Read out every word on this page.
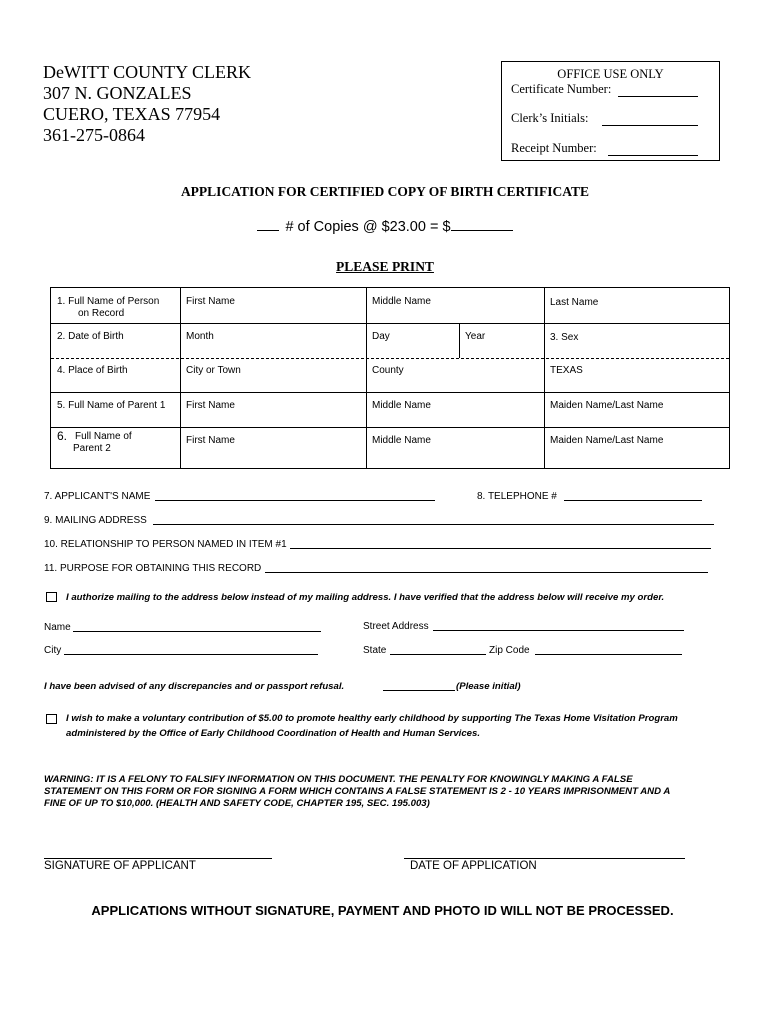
DeWITT COUNTY CLERK
307 N. GONZALES
CUERO, TEXAS 77954
361-275-0864
OFFICE USE ONLY
Certificate Number:
Clerk’s Initials:
Receipt Number:
APPLICATION FOR CERTIFIED COPY OF BIRTH CERTIFICATE
# of Copies @ $23.00 = $
PLEASE PRINT
1. Full Name of Person
on Record
First Name	Middle Name	Last Name
2. Date of Birth	Month	Day	Year	3. Sex
4. Place of Birth	City or Town	County	TEXAS
5. Full Name of Parent 1 First Name	Middle Name	Maiden Name/Last Name
6. Full Name of
Parent 2
First Name	Middle Name	Maiden Name/Last Name
7. APPLICANT'S NAME	8. TELEPHONE #
9. MAILING ADDRESS
10. RELATIONSHIP TO PERSON NAMED IN ITEM #1
11. PURPOSE FOR OBTAINING THIS RECORD
I authorize mailing to the address below instead of my mailing address. I have verified that the address below will receive my order.
Name	Street Address
City	State	Zip Code
I have been advised of any discrepancies and or passport refusal.	(Please initial)
I wish to make a voluntary contribution of $5.00 to promote healthy early childhood by supporting The Texas Home Visitation Program
administered by the Office of Early Childhood Coordination of Health and Human Services.
WARNING: IT IS A FELONY TO FALSIFY INFORMATION ON THIS DOCUMENT. THE PENALTY FOR KNOWINGLY MAKING A FALSE
STATEMENT ON THIS FORM OR FOR SIGNING A FORM WHICH CONTAINS A FALSE STATEMENT IS 2 - 10 YEARS IMPRISONMENT AND A
FINE OF UP TO $10,000. (HEALTH AND SAFETY CODE, CHAPTER 195, SEC. 195.003)
SIGNATURE OF APPLICANT	DATE OF APPLICATION
APPLICATIONS WITHOUT SIGNATURE, PAYMENT AND PHOTO ID WILL NOT BE PROCESSED.
